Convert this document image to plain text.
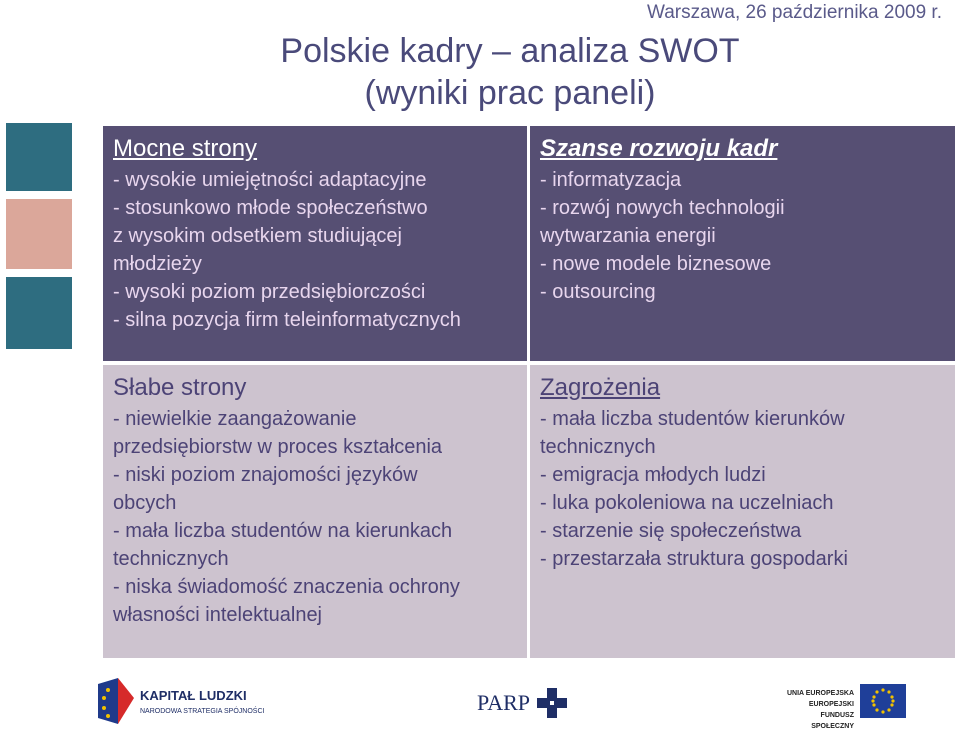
Warszawa, 26 października 2009 r.
Polskie kadry – analiza SWOT
(wyniki prac paneli)
Mocne strony
- wysokie umiejętności adaptacyjne
- stosunkowo młode społeczeństwo
z wysokim odsetkiem studiującej
młodzieży
- wysoki poziom przedsiębiorczości
- silna pozycja firm teleinformatycznych
Szanse rozwoju kadr
- informatyzacja
- rozwój nowych technologii
wytwarzania energii
- nowe modele biznesowe
- outsourcing
Słabe strony
- niewielkie zaangażowanie
przedsiębiorstw w proces kształcenia
- niski poziom znajomości języków
obcych
- mała liczba studentów na kierunkach
technicznych
- niska świadomość znaczenia ochrony
własności intelektualnej
Zagrożenia
- mała liczba studentów kierunków
technicznych
- emigracja młodych ludzi
- luka pokoleniowa na uczelniach
- starzenie się społeczeństwa
- przestarzała struktura gospodarki
KAPITAŁ LUDZKI
NARODOWA STRATEGIA SPÓJNOŚCI	PARP	UNIA EUROPEJSKA
EUROPEJSKI
FUNDUSZ SPOŁECZNY
